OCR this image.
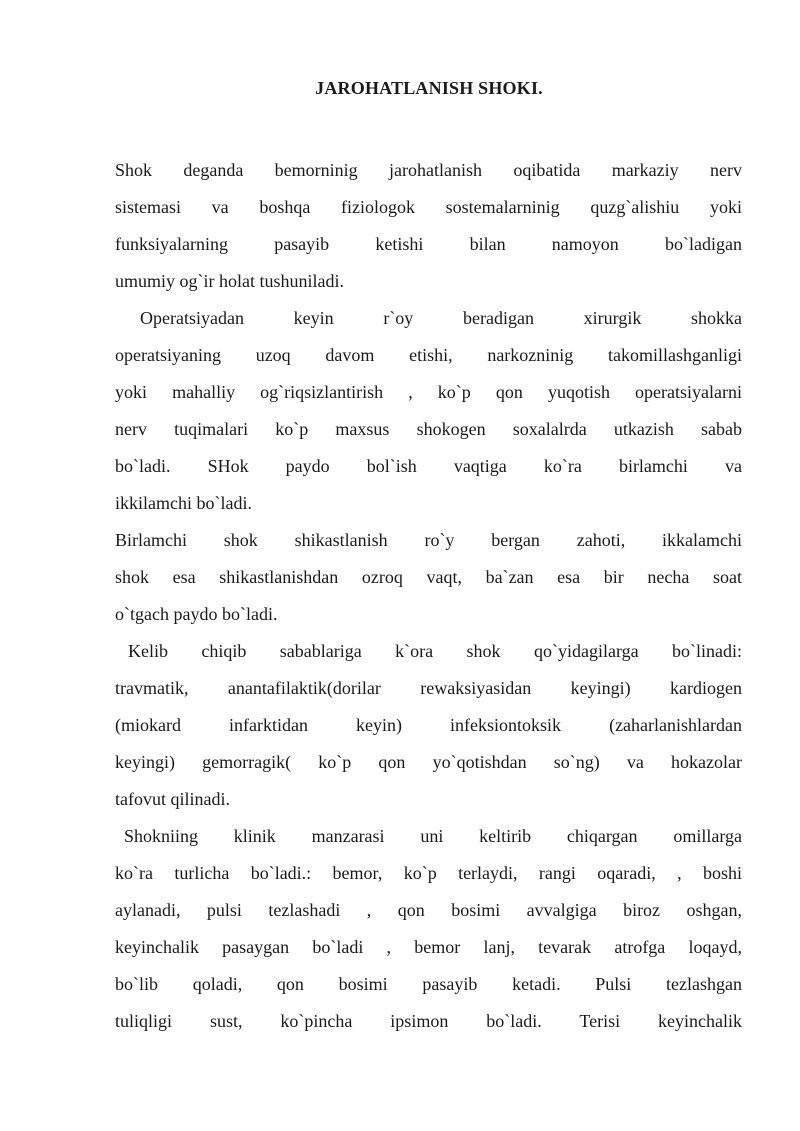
JAROHATLANISH SHOKI.
Shok deganda bemorninig jarohatlanish oqibatida markaziy nerv
sistemasi va boshqa fiziologok sostemalarninig quzg`alishiu yoki
funksiyalarning pasayib ketishi bilan namoyon bo`ladigan
umumiy og`ir holat tushuniladi.
Operatsiyadan keyin r`oy beradigan xirurgik shokka
operatsiyaning uzoq davom etishi, narkozninig takomillashganligi
yoki mahalliy og`riqsizlantirish , ko`p qon yuqotish operatsiyalarni
nerv tuqimalari ko`p maxsus shokogen soxalalrda utkazish sabab
bo`ladi. SHok paydo bol`ish vaqtiga ko`ra birlamchi va
ikkilamchi bo`ladi.
Birlamchi shok shikastlanish ro`y bergan zahoti, ikkalamchi
shok esa shikastlanishdan ozroq vaqt, ba`zan esa bir necha soat
o`tgach paydo bo`ladi.
Kelib chiqib sabablariga k`ora shok qo`yidagilarga bo`linadi:
travmatik, anantafilaktik(dorilar rewaksiyasidan keyingi) kardiogen
(miokard infarktidan keyin) infeksiontoksik (zaharlanishlardan
keyingi) gemorragik( ko`p qon yo`qotishdan so`ng) va hokazolar
tafovut qilinadi.
Shokniing klinik manzarasi uni keltirib chiqargan omillarga
ko`ra turlicha bo`ladi.: bemor, ko`p terlaydi, rangi oqaradi, , boshi
aylanadi, pulsi tezlashadi , qon bosimi avvalgiga biroz oshgan,
keyinchalik pasaygan bo`ladi , bemor lanj, tevarak atrofga loqayd,
bo`lib qoladi, qon bosimi pasayib ketadi. Pulsi tezlashgan
tuliqligi sust, ko`pincha ipsimon bo`ladi. Terisi keyinchalik
